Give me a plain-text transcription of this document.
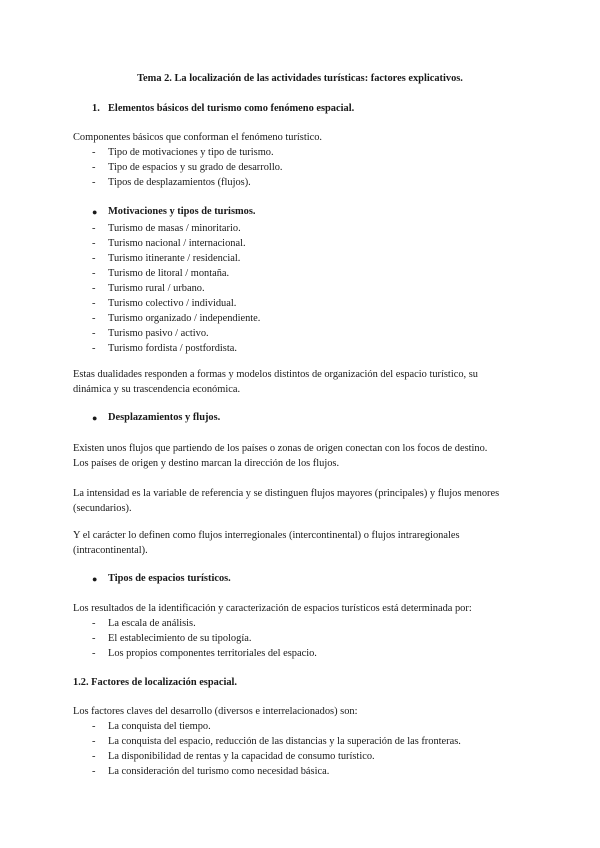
Tema 2. La localización de las actividades turísticas: factores explicativos.
1. Elementos básicos del turismo como fenómeno espacial.
Componentes básicos que conforman el fenómeno turístico.
- Tipo de motivaciones y tipo de turismo.
- Tipo de espacios y su grado de desarrollo.
- Tipos de desplazamientos (flujos).
● Motivaciones y tipos de turismos.
- Turismo de masas / minoritario.
- Turismo nacional / internacional.
- Turismo itinerante / residencial.
- Turismo de litoral / montaña.
- Turismo rural / urbano.
- Turismo colectivo / individual.
- Turismo organizado / independiente.
- Turismo pasivo / activo.
- Turismo fordista / postfordista.
Estas dualidades responden a formas y modelos distintos de organización del espacio turístico, su
dinámica y su trascendencia económica.
● Desplazamientos y flujos.
Existen unos flujos que partiendo de los países o zonas de origen conectan con los focos de destino.
Los países de origen y destino marcan la dirección de los flujos.
La intensidad es la variable de referencia y se distinguen flujos mayores (principales) y flujos menores
(secundarios).
Y el carácter lo definen como flujos interregionales (intercontinental) o flujos intraregionales
(intracontinental).
● Tipos de espacios turísticos.
Los resultados de la identificación y caracterización de espacios turísticos está determinada por:
- La escala de análisis.
- El establecimiento de su tipología.
- Los propios componentes territoriales del espacio.
1.2. Factores de localización espacial.
Los factores claves del desarrollo (diversos e interrelacionados) son:
- La conquista del tiempo.
- La conquista del espacio, reducción de las distancias y la superación de las fronteras.
- La disponibilidad de rentas y la capacidad de consumo turístico.
- La consideración del turismo como necesidad básica.
